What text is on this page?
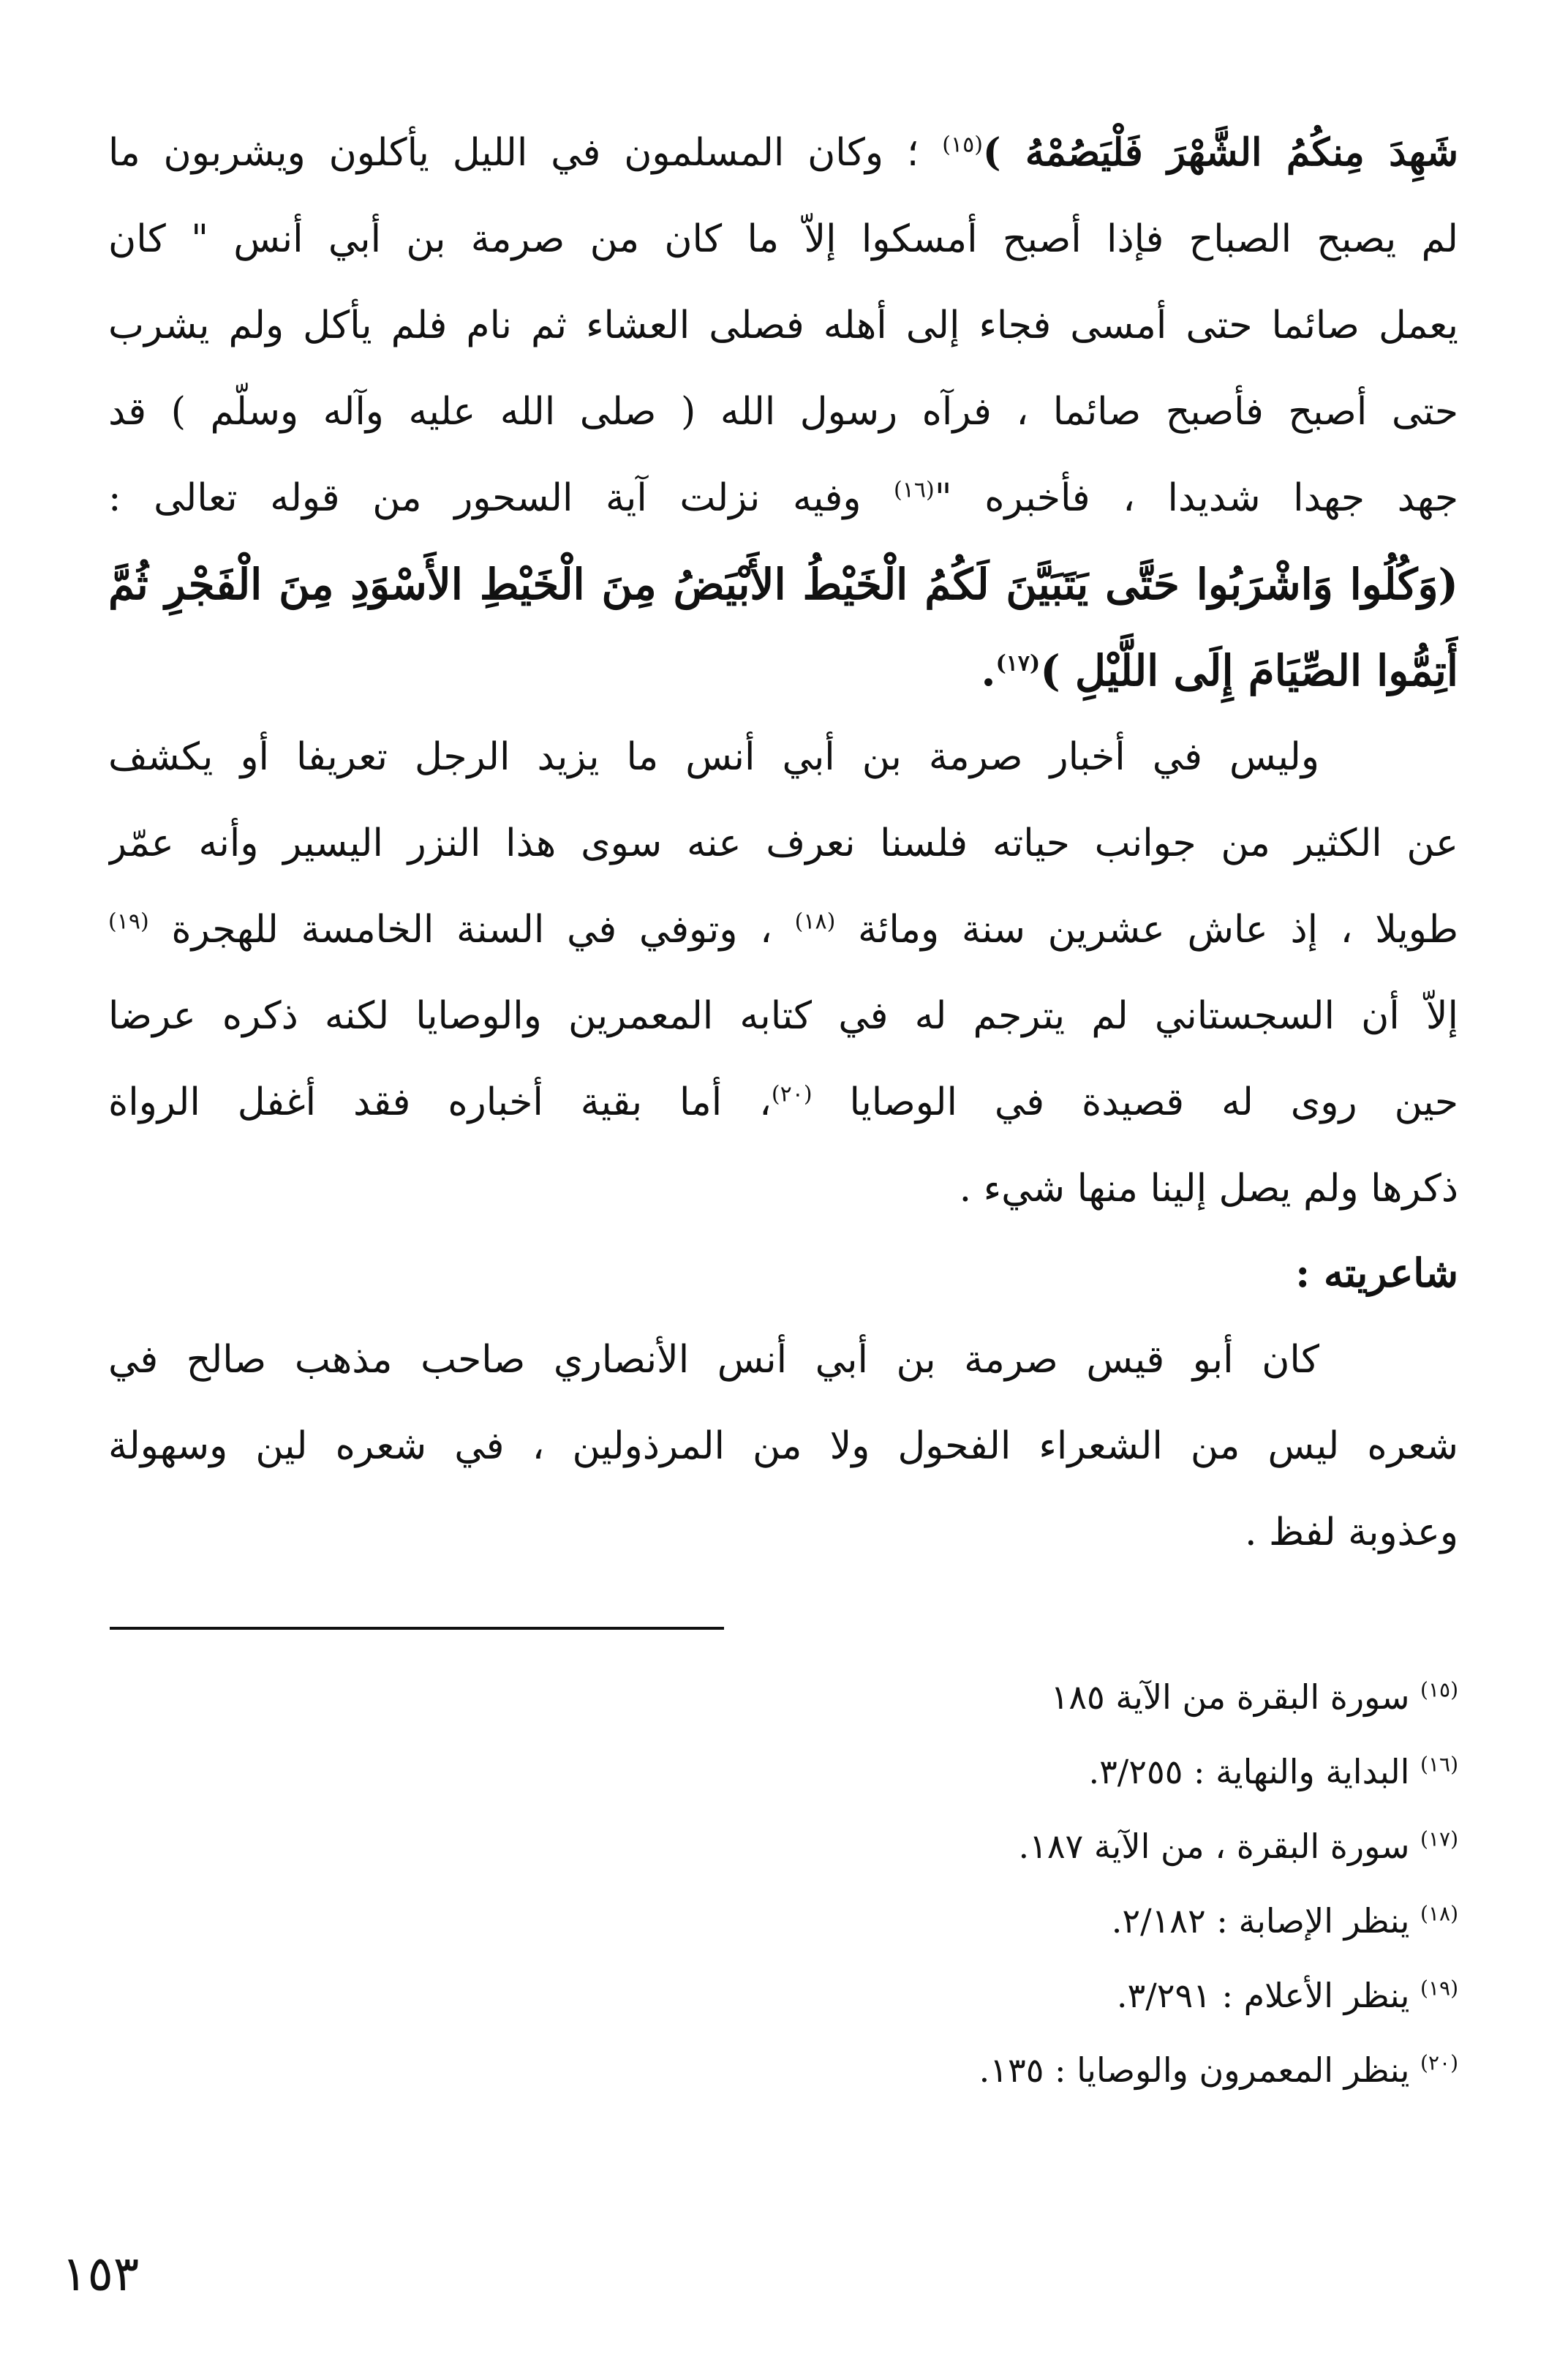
شَهِدَ مِنكُمُ الشَّهْرَ فَلْيَصُمْهُ )$^{(١٥)}$ ؛ وكان المسلمون في الليل يأكلون ويشربون ما
لم يصبح الصباح فإذا أصبح أمسكوا إلاّ ما كان من صرمة بن أبي أنس " كان
يعمل صائما حتى أمسى فجاء إلى أهله فصلى العشاء ثم نام فلم يأكل ولم يشرب
حتى أصبح فأصبح صائما ، فرآه رسول الله ( صلى الله عليه وآله وسلّم ) قد
جهد جهدا شديدا ، فأخبره "$^{(١٦)}$ وفيه نزلت آية السحور من قوله تعالى :
(وَكُلُوا وَاشْرَبُوا حَتَّى يَتَبَيَّنَ لَكُمُ الْخَيْطُ الأَبْيَضُ مِنَ الْخَيْطِ الأَسْوَدِ مِنَ الْفَجْرِ ثُمَّ
أَتِمُّوا الصِّيَامَ إِلَى اللَّيْلِ )$^{(١٧)}$.
وليس في أخبار صرمة بن أبي أنس ما يزيد الرجل تعريفا أو يكشف
عن الكثير من جوانب حياته فلسنا نعرف عنه سوى هذا النزر اليسير وأنه عمّر
طويلا ، إذ عاش عشرين سنة ومائة $^{(١٨)}$ ، وتوفي في السنة الخامسة للهجرة $^{(١٩)}$
إلاّ أن السجستاني لم يترجم له في كتابه المعمرين والوصايا لكنه ذكره عرضا
حين روى له قصيدة في الوصايا $^{(٢٠)}$، أما بقية أخباره فقد أغفل الرواة
ذكرها ولم يصل إلينا منها شيء .
شاعريته :
كان أبو قيس صرمة بن أبي أنس الأنصاري صاحب مذهب صالح في
شعره ليس من الشعراء الفحول ولا من المرذولين ، في شعره لين وسهولة
وعذوبة لفظ .
$^{(١٥)}$ سورة البقرة من الآية ١٨٥
$^{(١٦)}$ البداية والنهاية : ٣/٢٥٥.
$^{(١٧)}$ سورة البقرة ، من الآية ١٨٧.
$^{(١٨)}$ ينظر الإصابة : ٢/١٨٢.
$^{(١٩)}$ ينظر الأعلام : ٣/٢٩١.
$^{(٢٠)}$ ينظر المعمرون والوصايا : ١٣٥.
١٥٣
